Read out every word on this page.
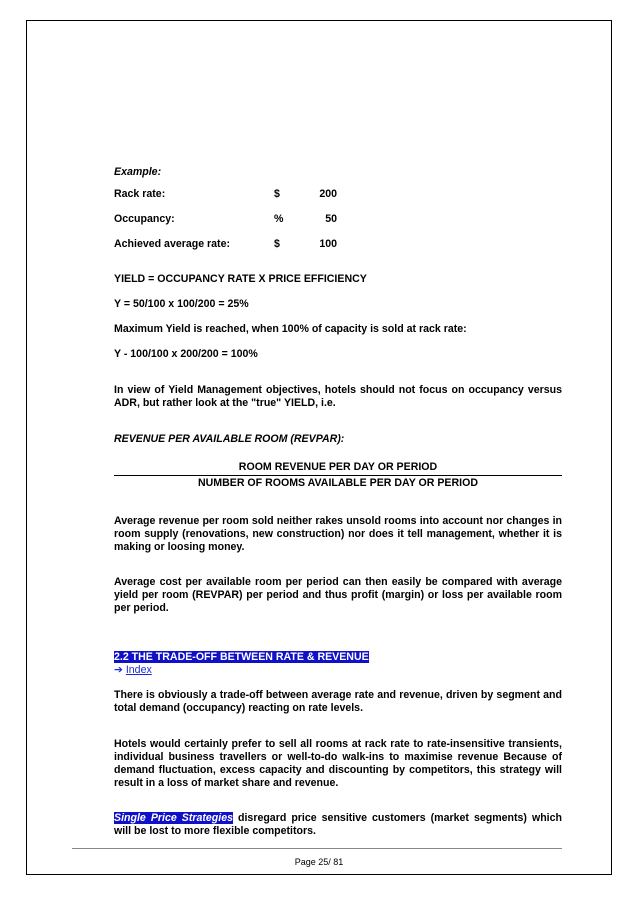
Example:
Rack rate:	$	200
Occupancy:	%	50
Achieved average rate:	$	100
YIELD = OCCUPANCY RATE X PRICE EFFICIENCY
Y = 50/100 x 100/200 = 25%
Maximum Yield is reached, when 100% of capacity is sold at rack rate:
Y - 100/100 x 200/200 = 100%
In view of Yield Management objectives, hotels should not focus on occupancy versus ADR, but rather look at the "true" YIELD, i.e.
REVENUE PER AVAILABLE ROOM (REVPAR):
ROOM REVENUE PER DAY OR PERIOD
NUMBER OF ROOMS AVAILABLE PER DAY OR PERIOD
Average revenue per room sold neither rakes unsold rooms into account nor changes in room supply (renovations, new construction) nor does it tell management, whether it is making or loosing money.
Average cost per available room per period can then easily be compared with average yield per room (REVPAR) per period and thus profit (margin) or loss per available room per period.
2.2 THE TRADE-OFF BETWEEN RATE & REVENUE
➔ Index
There is obviously a trade-off between average rate and revenue, driven by segment and total demand (occupancy) reacting on rate levels.
Hotels would certainly prefer to sell all rooms at rack rate to rate-insensitive transients, individual business travellers or well-to-do walk-ins to maximise revenue Because of demand fluctuation, excess capacity and discounting by competitors, this strategy will result in a loss of market share and revenue.
Single Price Strategies disregard price sensitive customers (market segments) which will be lost to more flexible competitors.
Page 25/ 81
